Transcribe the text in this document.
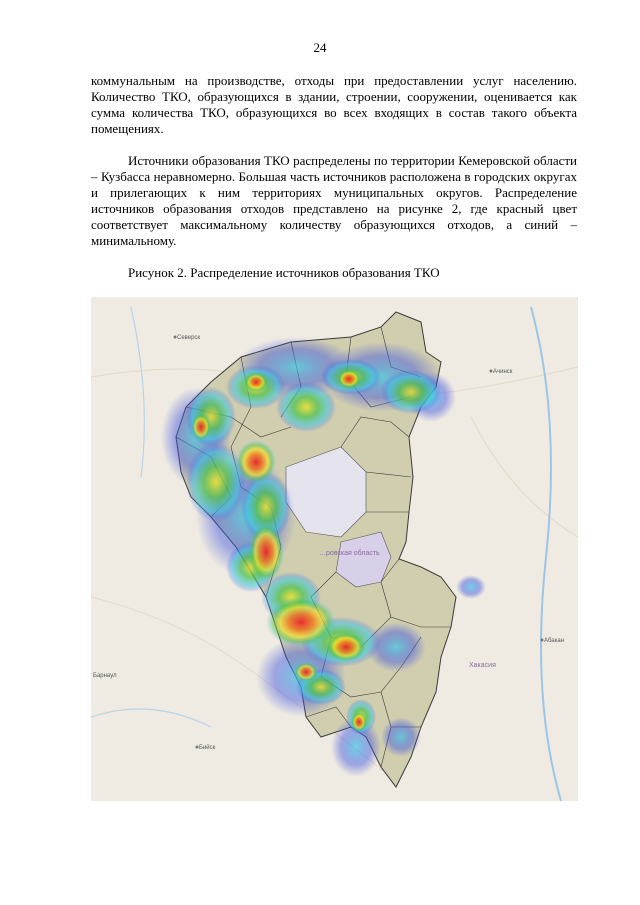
24

коммунальным на производстве, отходы при предоставлении услуг населению. Количество ТКО, образующихся в здании, строении, сооружении, оценивается как сумма количества ТКО, образующихся во всех входящих в состав такого объекта помещениях.

Источники образования ТКО распределены по территории Кемеровской области – Кузбасса неравномерно. Большая часть источников расположена в городских округах и прилегающих к ним территориях муниципальных округов. Распределение источников образования отходов представлено на рисунке 2, где красный цвет соответствует максимальному количеству образующихся отходов, а синий – минимальному.

Рисунок 2. Распределение источников образования ТКО

Северск
Ачинск
…ровская область
Барнаул
Абакан
Хакасия
Бийск
